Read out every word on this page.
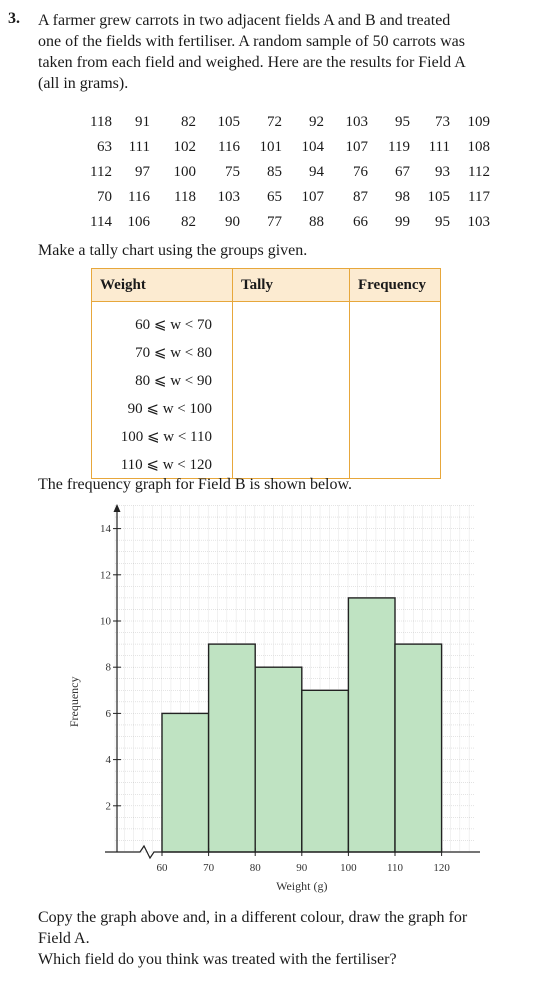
3. A farmer grew carrots in two adjacent fields A and B and treated
one of the fields with fertiliser. A random sample of 50 carrots was
taken from each field and weighed. Here are the results for Field A
(all in grams).
118	91	82	105	72	92	103	95	73	109
63	111	102	116	101	104	107	119	111	108
112	97	100	75	85	94	76	67	93	112
70	116	118	103	65	107	87	98	105	117
114	106	82	90	77	88	66	99	95	103
Make a tally chart using the groups given.
Weight	Tally	Frequency

60 ⩽ w < 70		

70 ⩽ w < 80		

80 ⩽ w < 90		

90 ⩽ w < 100		

100 ⩽ w < 110		

110 ⩽ w < 120		

The frequency graph for Field B is shown below.
2
4
6
8
10
12
14
60	70	80	90	100	110	120
Weight (g)
Frequency
Copy the graph above and, in a different colour, draw the graph for
Field A.
Which field do you think was treated with the fertiliser?
